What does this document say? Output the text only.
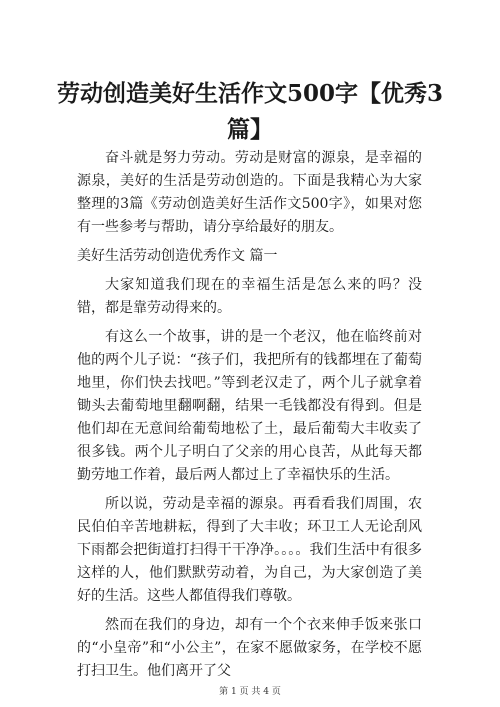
劳动创造美好生活作文500字【优秀3
篇】

奋斗就是努力劳动。劳动是财富的源泉，是幸福的源泉，美好的生活是劳动创造的。下面是我精心为大家整理的3篇《劳动创造美好生活作文500字》，如果对您有一些参考与帮助，请分享给最好的朋友。

美好生活劳动创造优秀作文 篇一

大家知道我们现在的幸福生活是怎么来的吗？没错，都是靠劳动得来的。

有这么一个故事，讲的是一个老汉，他在临终前对他的两个儿子说：“孩子们，我把所有的钱都埋在了葡萄地里，你们快去找吧。”等到老汉走了，两个儿子就拿着锄头去葡萄地里翻啊翻，结果一毛钱都没有得到。但是他们却在无意间给葡萄地松了土，最后葡萄大丰收卖了很多钱。两个儿子明白了父亲的用心良苦，从此每天都勤劳地工作着，最后两人都过上了幸福快乐的生活。

所以说，劳动是幸福的源泉。再看看我们周围，农民伯伯辛苦地耕耘，得到了大丰收；环卫工人无论刮风下雨都会把街道打扫得干干净净。。。。我们生活中有很多这样的人，他们默默劳动着，为自己，为大家创造了美好的生活。这些人都值得我们尊敬。

然而在我们的身边，却有一个个衣来伸手饭来张口的“小皇帝”和“小公主”，在家不愿做家务，在学校不愿打扫卫生。他们离开了父

第 1 页 共 4 页
